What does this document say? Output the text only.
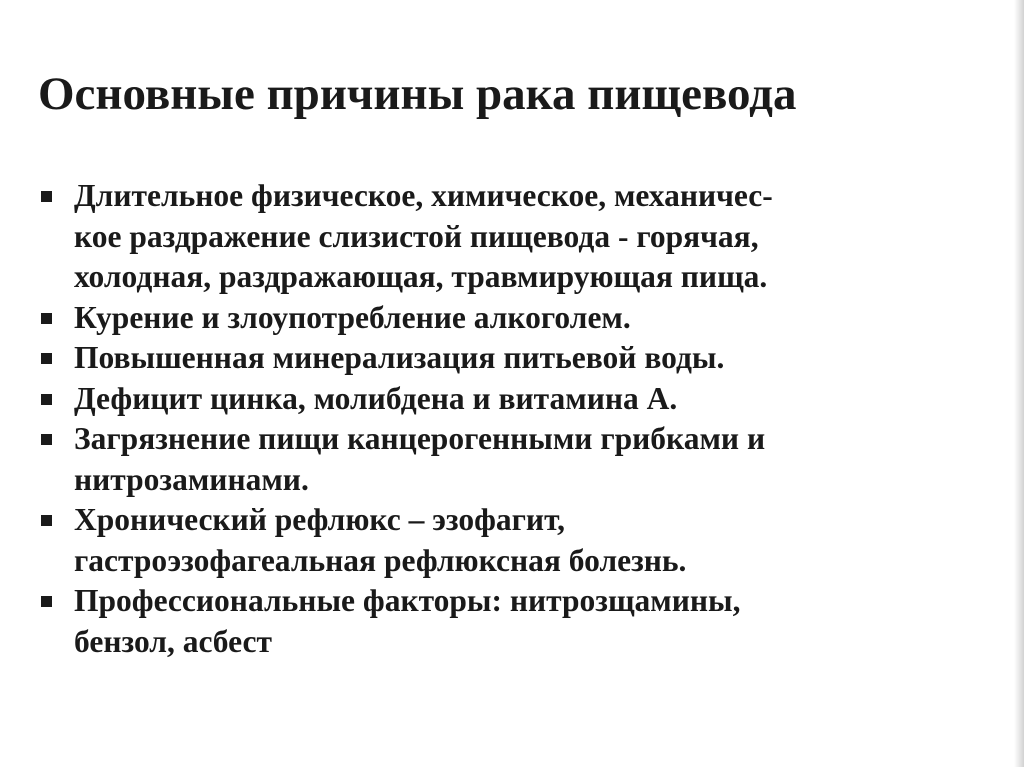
Основные причины рака пищевода
Длительное физическое, химическое, механичес-
кое раздражение слизистой пищевода - горячая,
холодная, раздражающая, травмирующая пища.
Курение и злоупотребление алкоголем.
Повышенная минерализация питьевой воды.
Дефицит цинка, молибдена и витамина А.
Загрязнение пищи канцерогенными грибками и
нитрозаминами.
Хронический рефлюкс – эзофагит,
гастроэзофагеальная рефлюксная болезнь.
Профессиональные факторы: нитрозщамины,
бензол, асбест
